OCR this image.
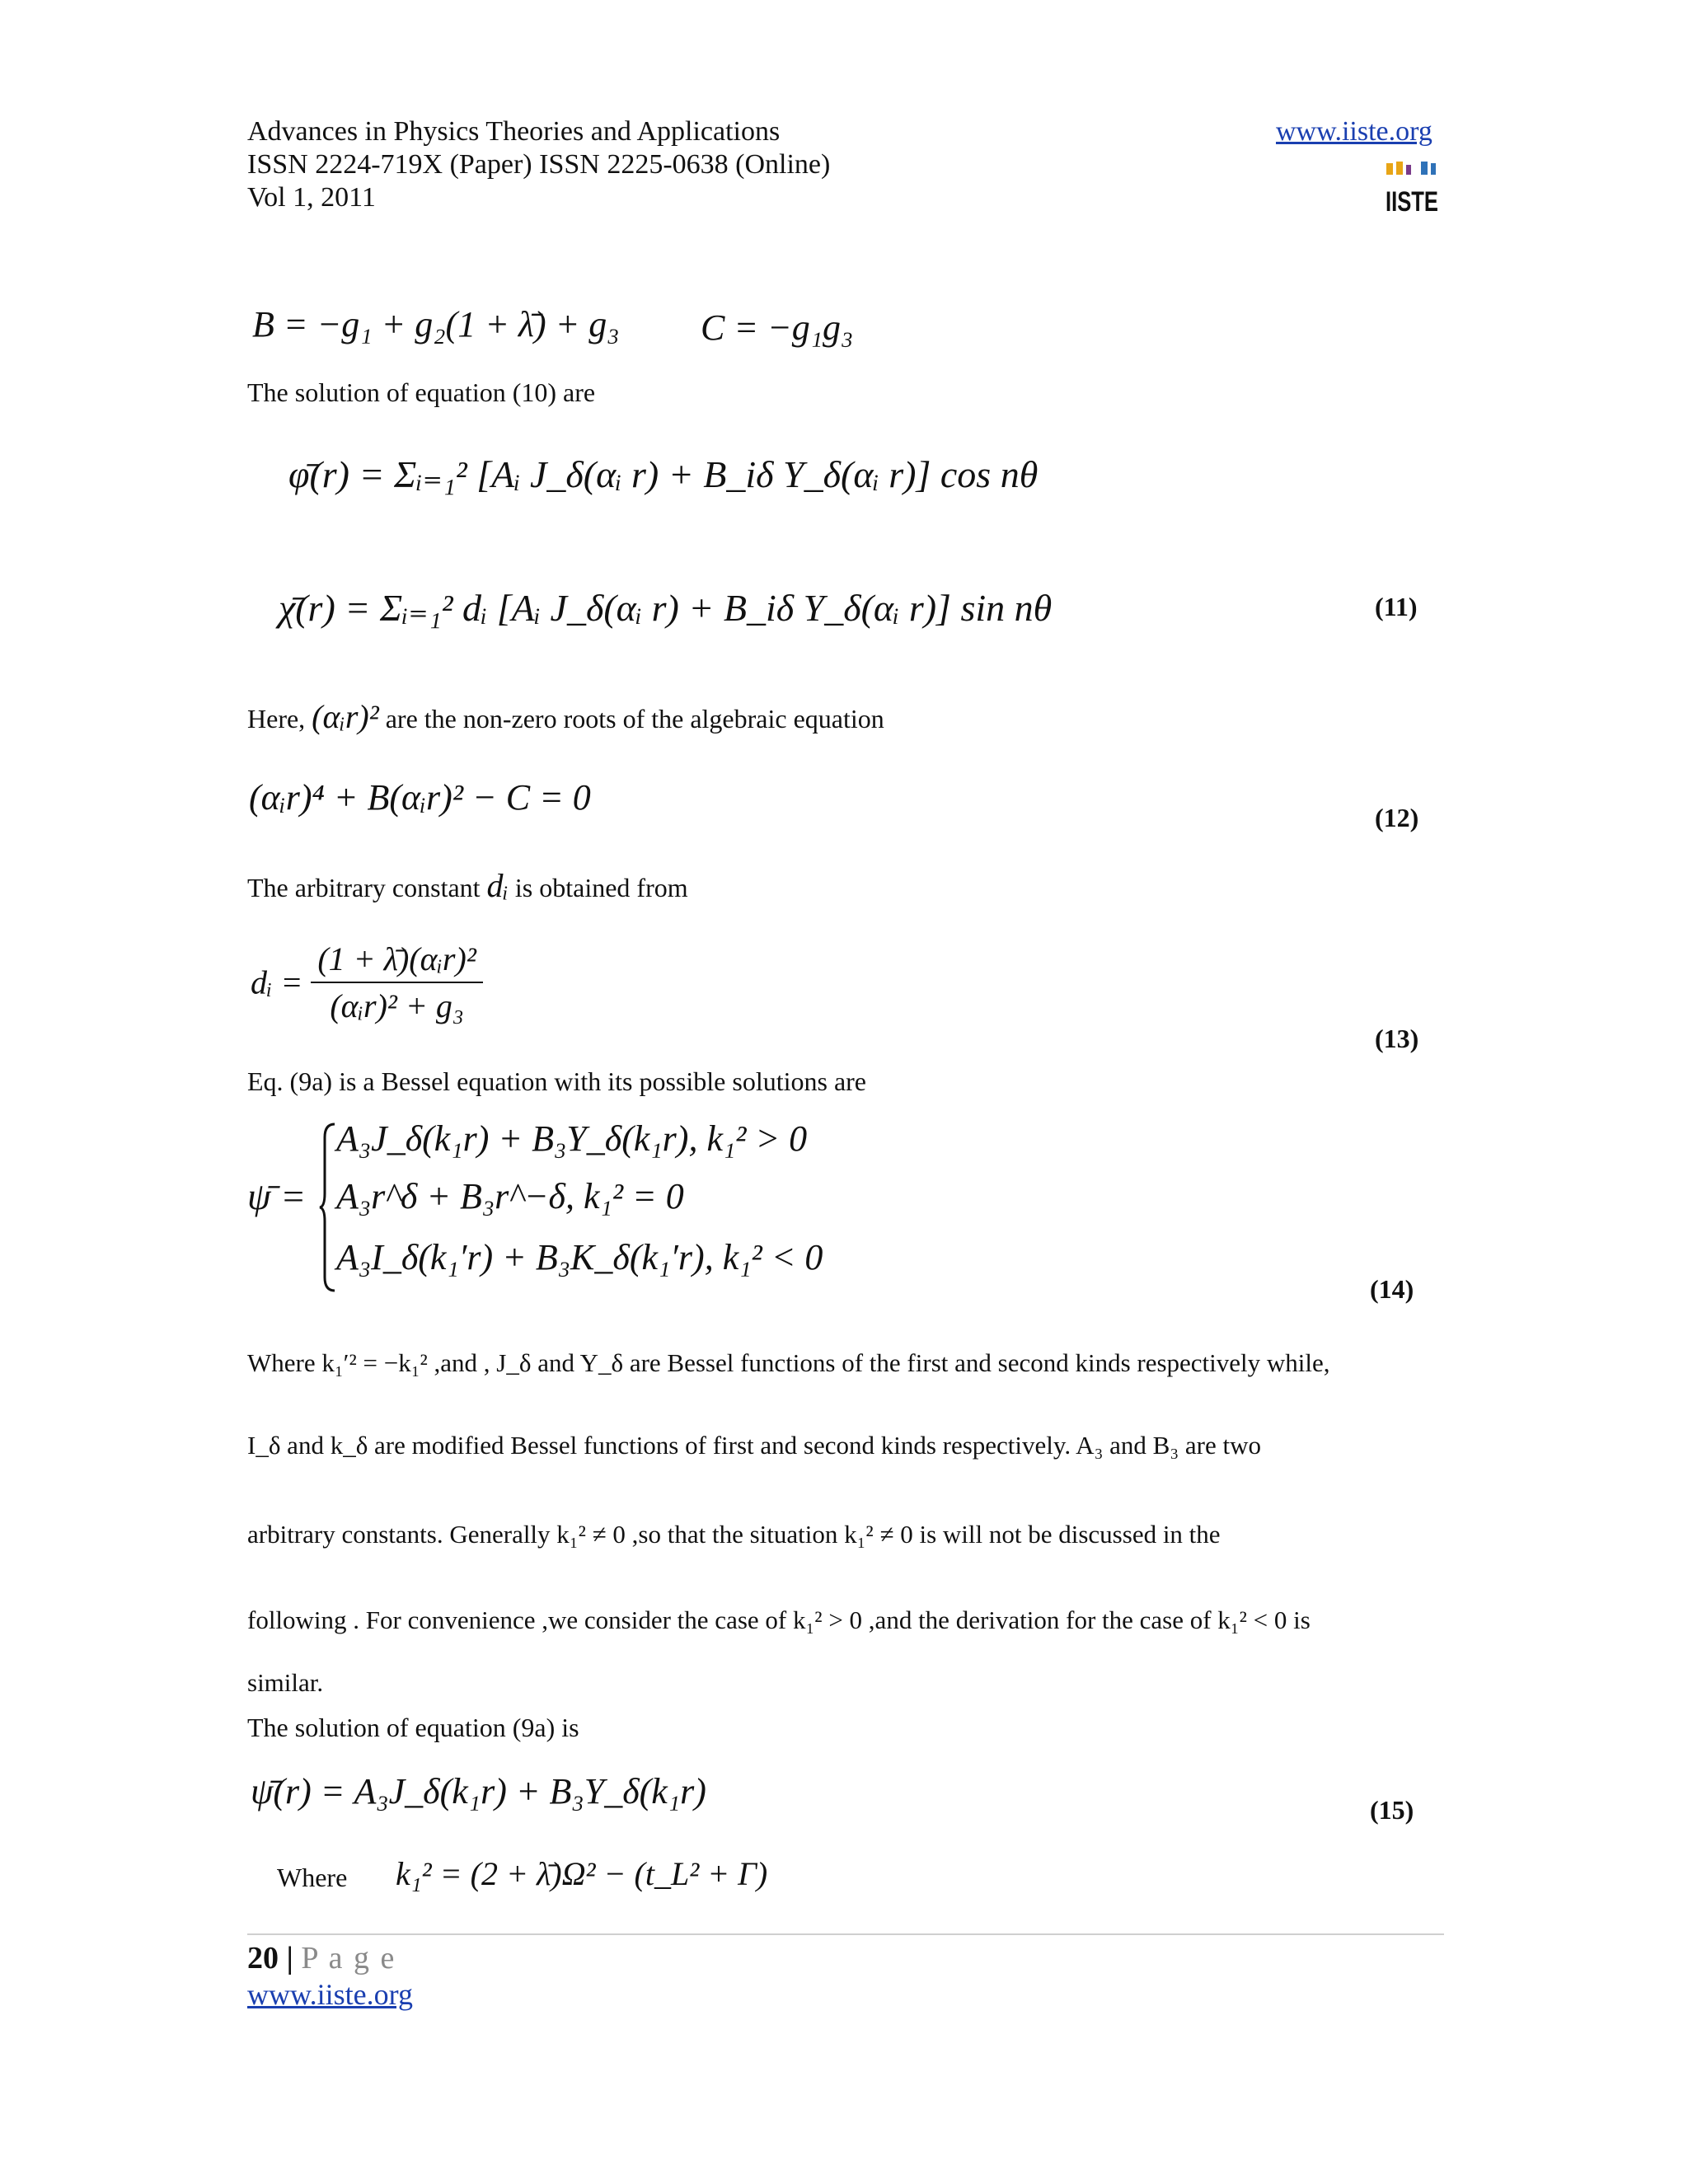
Advances in Physics Theories and Applications
ISSN 2224-719X (Paper) ISSN 2225-0638 (Online)
Vol 1, 2011
www.iiste.org
IISTE
B = −g₁ + g₂(1 + λ̄) + g₃ C = −g₁g₃
The solution of equation (10) are
φ̄(r) = Σᵢ₌₁² [Aᵢ J_δ(αᵢ r) + B_iδ Y_δ(αᵢ r)] cos nθ
χ̄(r) = Σᵢ₌₁² dᵢ [Aᵢ J_δ(αᵢ r) + B_iδ Y_δ(αᵢ r)] sin nθ	(11)
Here, (αᵢr)² are the non-zero roots of the algebraic equation
(αᵢr)⁴ + B(αᵢr)² − C = 0	(12)
The arbitrary constant dᵢ is obtained from
dᵢ = $\frac{\text{(1 + λ̄)(αᵢr)²}}{\text{(αᵢr)² + g₃}}$
(13)
Eq. (9a) is a Bessel equation with its possible solutions are
ψ̄ =
A₃J_δ(k₁r) + B₃Y_δ(k₁r), k₁² > 0
A₃r^δ + B₃r^−δ, k₁² = 0
A₃I_δ(k₁′r) + B₃K_δ(k₁′r), k₁² < 0
(14)
Where k₁′² = −k₁² ,and , J_δ and Y_δ are Bessel functions of the first and second kinds respectively while,
I_δ and k_δ are modified Bessel functions of first and second kinds respectively. A₃ and B₃ are two
arbitrary constants. Generally k₁² ≠ 0 ,so that the situation k₁² ≠ 0 is will not be discussed in the
following . For convenience ,we consider the case of k₁² > 0 ,and the derivation for the case of k₁² < 0 is
similar.
The solution of equation (9a) is
ψ̄(r) = A₃J_δ(k₁r) + B₃Y_δ(k₁r)	(15)
Where k₁² = (2 + λ̄)Ω² − (t_L² + Γ)
20 | P a g e
www.iiste.org
